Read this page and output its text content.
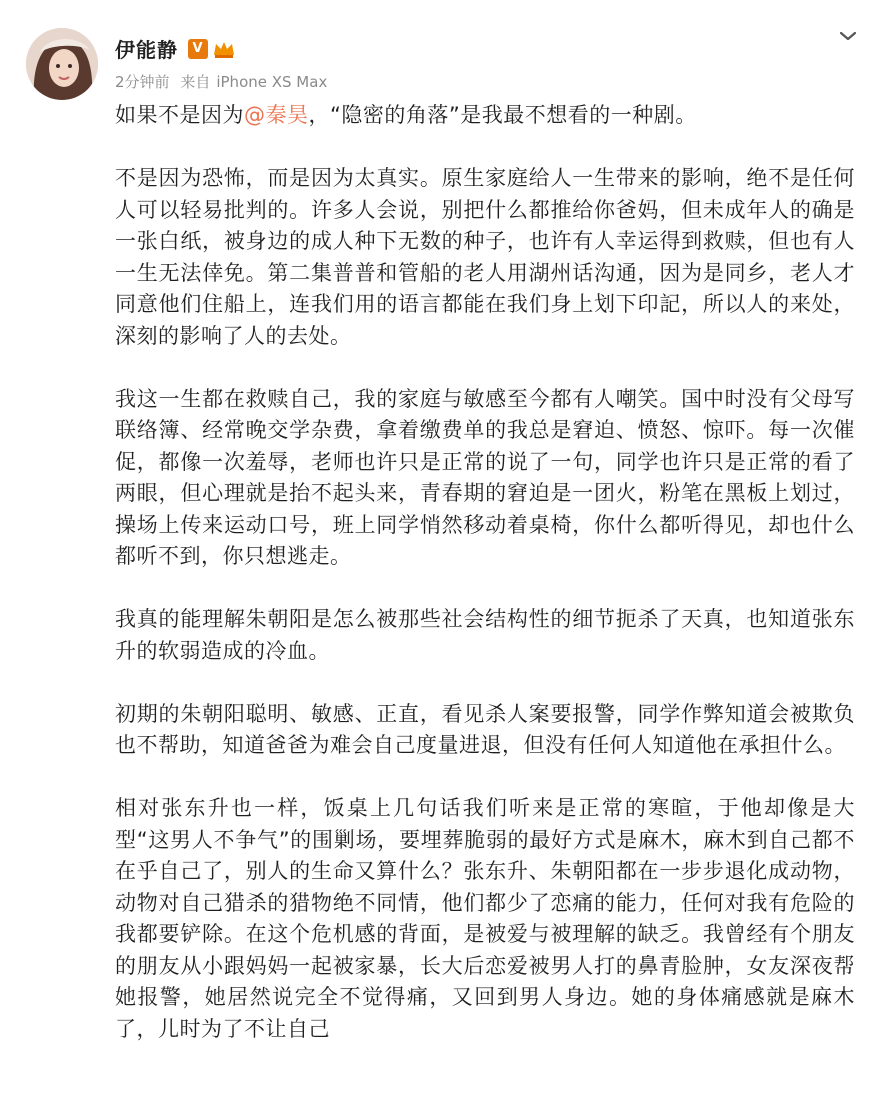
伊能静	V
2分钟前 来自 iPhone XS Max

如果不是因为@秦昊，“隐密的角落”是我最不想看的一种剧。

不是因为恐怖，而是因为太真实。原生家庭给人一生带来的影响，绝不是任何人可以轻易批判的。许多人会说，别把什么都推给你爸妈，但未成年人的确是一张白纸，被身边的成人种下无数的种子，也许有人幸运得到救赎，但也有人一生无法倖免。第二集普普和管船的老人用湖州话沟通，因为是同乡，老人才同意他们住船上，连我们用的语言都能在我们身上划下印記，所以人的来处，深刻的影响了人的去处。

我这一生都在救赎自己，我的家庭与敏感至今都有人嘲笑。国中时没有父母写联络簿、经常晚交学杂费，拿着缴费单的我总是窘迫、愤怒、惊吓。每一次催促，都像一次羞辱，老师也许只是正常的说了一句，同学也许只是正常的看了两眼，但心理就是抬不起头来，青春期的窘迫是一团火，粉笔在黑板上划过，操场上传来运动口号，班上同学悄然移动着桌椅，你什么都听得见，却也什么都听不到，你只想逃走。

我真的能理解朱朝阳是怎么被那些社会结构性的细节扼杀了天真，也知道张东升的软弱造成的冷血。

初期的朱朝阳聪明、敏感、正直，看见杀人案要报警，同学作弊知道会被欺负也不帮助，知道爸爸为难会自己度量进退，但没有任何人知道他在承担什么。

相对张东升也一样，饭桌上几句话我们听来是正常的寒暄，于他却像是大型“这男人不争气”的围剿场，要埋葬脆弱的最好方式是麻木，麻木到自己都不在乎自己了，别人的生命又算什么？张东升、朱朝阳都在一步步退化成动物，动物对自己猎杀的猎物绝不同情，他们都少了恋痛的能力，任何对我有危险的我都要铲除。在这个危机感的背面，是被爱与被理解的缺乏。我曾经有个朋友的朋友从小跟妈妈一起被家暴，长大后恋爱被男人打的鼻青脸肿，女友深夜帮她报警，她居然说完全不觉得痛，又回到男人身边。她的身体痛感就是麻木了，儿时为了不让自己
